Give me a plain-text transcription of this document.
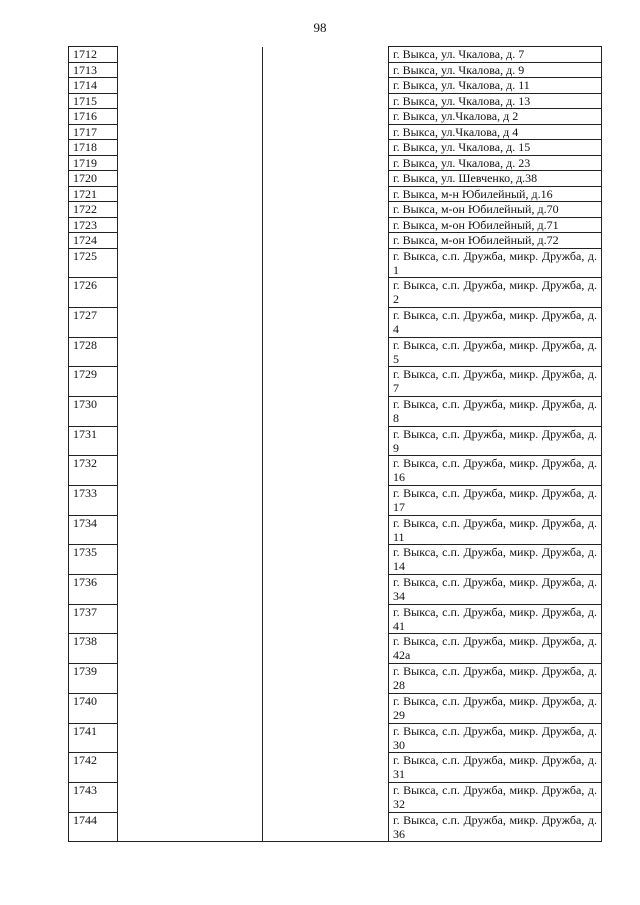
98
1712			г. Выкса, ул. Чкалова, д. 7
1713			г. Выкса, ул. Чкалова, д. 9
1714			г. Выкса, ул. Чкалова, д. 11
1715			г. Выкса, ул. Чкалова, д. 13
1716			г. Выкса, ул.Чкалова, д 2
1717			г. Выкса, ул.Чкалова, д 4
1718			г. Выкса, ул. Чкалова, д. 15
1719			г. Выкса, ул. Чкалова, д. 23
1720			г. Выкса, ул. Шевченко, д.38
1721			г. Выкса, м-н Юбилейный, д.16
1722			г. Выкса, м-он Юбилейный, д.70
1723			г. Выкса, м-он Юбилейный, д.71
1724			г. Выкса, м-он Юбилейный, д.72
1725			г. Выкса, с.п. Дружба, микр. Дружба, д. 1
1726			г. Выкса, с.п. Дружба, микр. Дружба, д. 2
1727			г. Выкса, с.п. Дружба, микр. Дружба, д. 4
1728			г. Выкса, с.п. Дружба, микр. Дружба, д. 5
1729			г. Выкса, с.п. Дружба, микр. Дружба, д. 7
1730			г. Выкса, с.п. Дружба, микр. Дружба, д. 8
1731			г. Выкса, с.п. Дружба, микр. Дружба, д. 9
1732			г. Выкса, с.п. Дружба, микр. Дружба, д. 16
1733			г. Выкса, с.п. Дружба, микр. Дружба, д. 17
1734			г. Выкса, с.п. Дружба, микр. Дружба, д. 11
1735			г. Выкса, с.п. Дружба, микр. Дружба, д. 14
1736			г. Выкса, с.п. Дружба, микр. Дружба, д. 34
1737			г. Выкса, с.п. Дружба, микр. Дружба, д. 41
1738			г. Выкса, с.п. Дружба, микр. Дружба, д. 42а
1739			г. Выкса, с.п. Дружба, микр. Дружба, д. 28
1740			г. Выкса, с.п. Дружба, микр. Дружба, д. 29
1741			г. Выкса, с.п. Дружба, микр. Дружба, д. 30
1742			г. Выкса, с.п. Дружба, микр. Дружба, д. 31
1743			г. Выкса, с.п. Дружба, микр. Дружба, д. 32
1744			г. Выкса, с.п. Дружба, микр. Дружба, д. 36
